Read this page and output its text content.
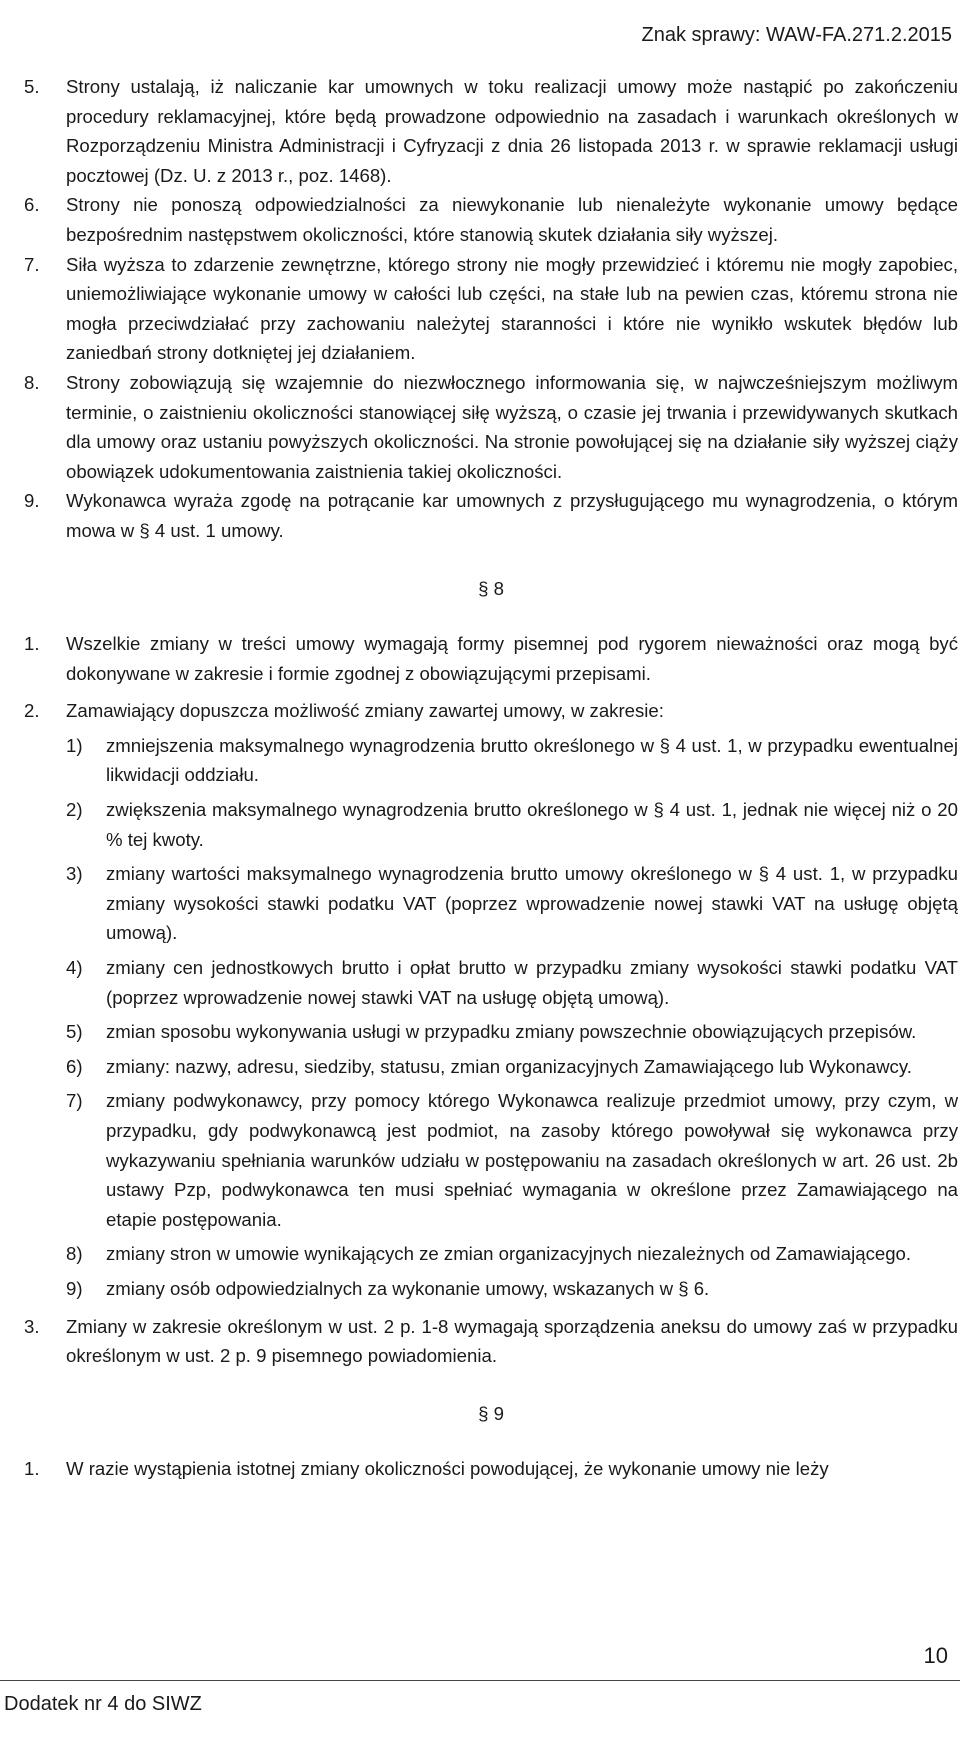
Znak sprawy: WAW-FA.271.2.2015
5. Strony ustalają, iż naliczanie kar umownych w toku realizacji umowy może nastąpić po zakończeniu procedury reklamacyjnej, które będą prowadzone odpowiednio na zasadach i warunkach określonych w Rozporządzeniu Ministra Administracji i Cyfryzacji z dnia 26 listopada 2013 r. w sprawie reklamacji usługi pocztowej (Dz. U. z 2013 r., poz. 1468).
6. Strony nie ponoszą odpowiedzialności za niewykonanie lub nienależyte wykonanie umowy będące bezpośrednim następstwem okoliczności, które stanowią skutek działania siły wyższej.
7. Siła wyższa to zdarzenie zewnętrzne, którego strony nie mogły przewidzieć i któremu nie mogły zapobiec, uniemożliwiające wykonanie umowy w całości lub części, na stałe lub na pewien czas, któremu strona nie mogła przeciwdziałać przy zachowaniu należytej staranności i które nie wynikło wskutek błędów lub zaniedbań strony dotkniętej jej działaniem.
8. Strony zobowiązują się wzajemnie do niezwłocznego informowania się, w najwcześniejszym możliwym terminie, o zaistnieniu okoliczności stanowiącej siłę wyższą, o czasie jej trwania i przewidywanych skutkach dla umowy oraz ustaniu powyższych okoliczności. Na stronie powołującej się na działanie siły wyższej ciąży obowiązek udokumentowania zaistnienia takiej okoliczności.
9. Wykonawca wyraża zgodę na potrącanie kar umownych z przysługującego mu wynagrodzenia, o którym mowa w § 4 ust. 1 umowy.
§ 8
1. Wszelkie zmiany w treści umowy wymagają formy pisemnej pod rygorem nieważności oraz mogą być dokonywane w zakresie i formie zgodnej z obowiązującymi przepisami.
2. Zamawiający dopuszcza możliwość zmiany zawartej umowy, w zakresie:
1) zmniejszenia maksymalnego wynagrodzenia brutto określonego w § 4 ust. 1, w przypadku ewentualnej likwidacji oddziału.
2) zwiększenia maksymalnego wynagrodzenia brutto określonego w § 4 ust. 1, jednak nie więcej niż o 20 % tej kwoty.
3) zmiany wartości maksymalnego wynagrodzenia brutto umowy określonego w § 4 ust. 1, w przypadku zmiany wysokości stawki podatku VAT (poprzez wprowadzenie nowej stawki VAT na usługę objętą umową).
4) zmiany cen jednostkowych brutto i opłat brutto w przypadku zmiany wysokości stawki podatku VAT (poprzez wprowadzenie nowej stawki VAT na usługę objętą umową).
5) zmian sposobu wykonywania usługi w przypadku zmiany powszechnie obowiązujących przepisów.
6) zmiany: nazwy, adresu, siedziby, statusu, zmian organizacyjnych Zamawiającego lub Wykonawcy.
7) zmiany podwykonawcy, przy pomocy którego Wykonawca realizuje przedmiot umowy, przy czym, w przypadku, gdy podwykonawcą jest podmiot, na zasoby którego powoływał się wykonawca przy wykazywaniu spełniania warunków udziału w postępowaniu na zasadach określonych w art. 26 ust. 2b ustawy Pzp, podwykonawca ten musi spełniać wymagania w określone przez Zamawiającego na etapie postępowania.
8) zmiany stron w umowie wynikających ze zmian organizacyjnych niezależnych od Zamawiającego.
9) zmiany osób odpowiedzialnych za wykonanie umowy, wskazanych w § 6.
3. Zmiany w zakresie określonym w ust. 2 p. 1-8 wymagają sporządzenia aneksu do umowy zaś w przypadku określonym w ust. 2 p. 9 pisemnego powiadomienia.
§ 9
1. W razie wystąpienia istotnej zmiany okoliczności powodującej, że wykonanie umowy nie leży
10
Dodatek nr 4 do SIWZ
